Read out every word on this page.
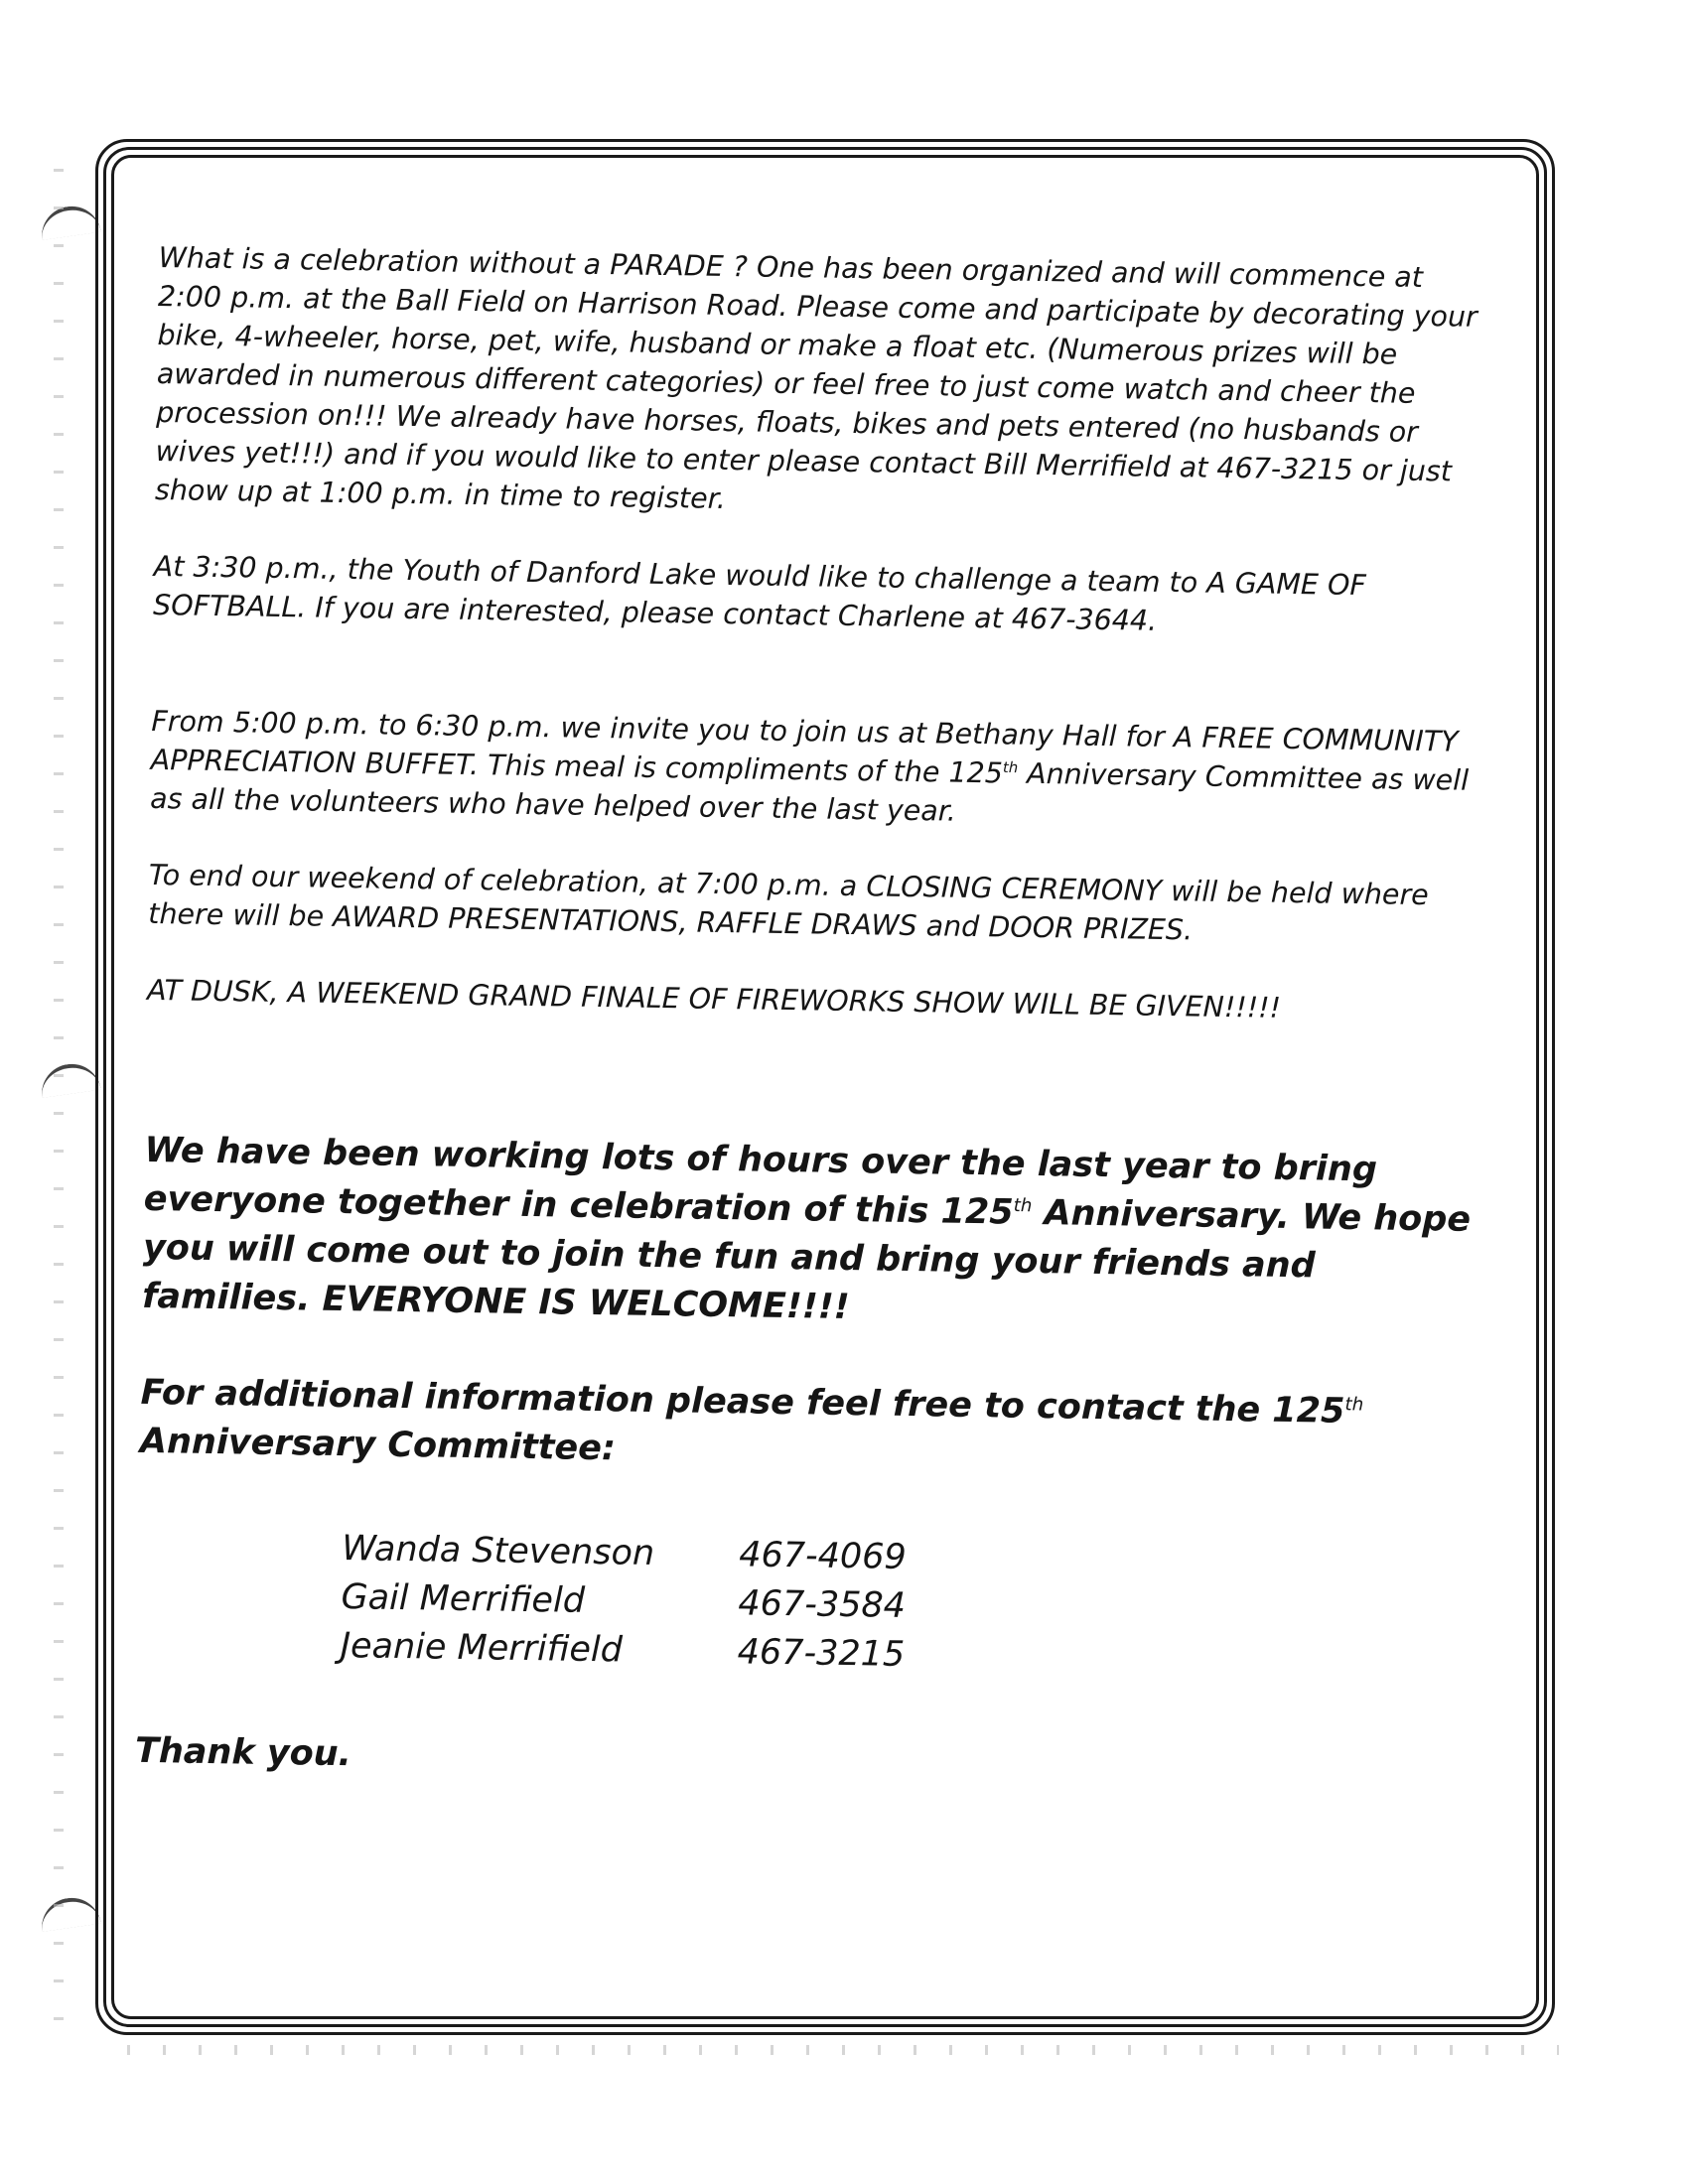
What is a celebration without a PARADE ? One has been organized and will commence at 2:00 p.m. at the Ball Field on Harrison Road. Please come and participate by decorating your bike, 4-wheeler, horse, pet, wife, husband or make a float etc. (Numerous prizes will be awarded in numerous different categories) or feel free to just come watch and cheer the procession on!!! We already have horses, floats, bikes and pets entered (no husbands or wives yet!!!) and if you would like to enter please contact Bill Merrifield at 467-3215 or just show up at 1:00 p.m. in time to register.

At 3:30 p.m., the Youth of Danford Lake would like to challenge a team to A GAME OF SOFTBALL. If you are interested, please contact Charlene at 467-3644.

From 5:00 p.m. to 6:30 p.m. we invite you to join us at Bethany Hall for A FREE COMMUNITY APPRECIATION BUFFET. This meal is compliments of the 125th Anniversary Committee as well as all the volunteers who have helped over the last year.

To end our weekend of celebration, at 7:00 p.m. a CLOSING CEREMONY will be held where there will be AWARD PRESENTATIONS, RAFFLE DRAWS and DOOR PRIZES.

AT DUSK, A WEEKEND GRAND FINALE OF FIREWORKS SHOW WILL BE GIVEN!!!!!

We have been working lots of hours over the last year to bring everyone together in celebration of this 125th Anniversary. We hope you will come out to join the fun and bring your friends and families. EVERYONE IS WELCOME!!!!

For additional information please feel free to contact the 125th Anniversary Committee:

Wanda Stevenson	467-4069
Gail Merrifield	467-3584
Jeanie Merrifield	467-3215
Thank you.
